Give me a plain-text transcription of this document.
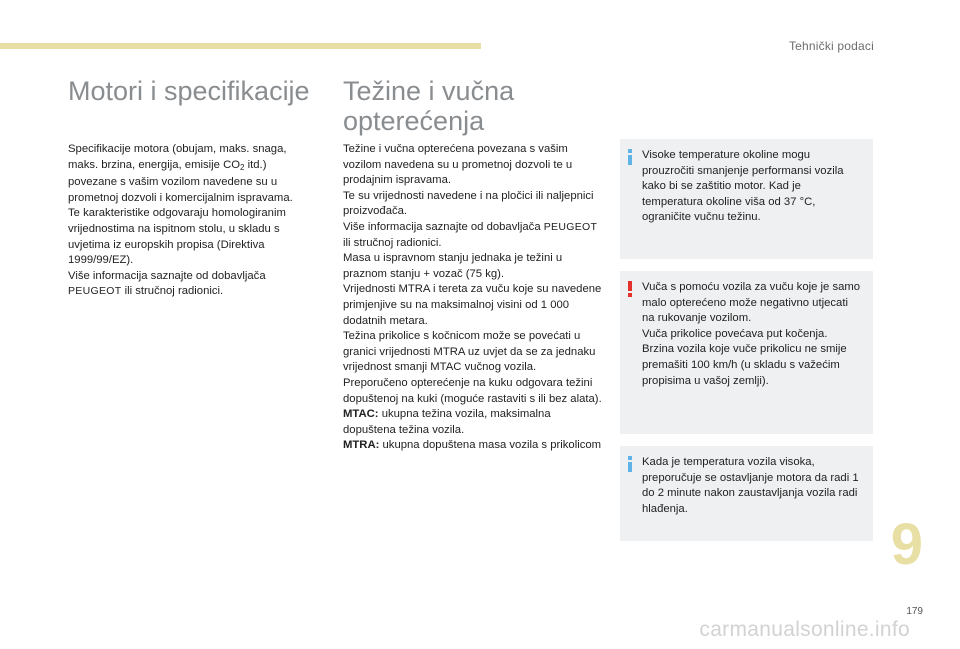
Tehnički podaci
Motori i specifikacije	Težine i vučna opterećenja

Specifikacije motora (obujam, maks. snaga, maks. brzina, energija, emisije $CO_2$ itd.) povezane s vašim vozilom navedene su u prometnoj dozvoli i komercijalnim ispravama.

Te karakteristike odgovaraju homologiranim vrijednostima na ispitnom stolu, u skladu s uvjetima iz europskih propisa (Direktiva 1999/99/EZ).

Više informacija saznajte od dobavljača PEUGEOT ili stručnoj radionici.

Težine i vučna opterećena povezana s vašim vozilom navedena su u prometnoj dozvoli te u prodajnim ispravama.

Te su vrijednosti navedene i na pločici ili naljepnici proizvođača.

Više informacija saznajte od dobavljača PEUGEOT ili stručnoj radionici.

Masa u ispravnom stanju jednaka je težini u praznom stanju + vozač (75 kg).

Vrijednosti MTRA i tereta za vuču koje su navedene primjenjive su na maksimalnoj visini od 1 000 dodatnih metara.

Težina prikolice s kočnicom može se povećati u granici vrijednosti MTRA uz uvjet da se za jednaku vrijednost smanji MTAC vučnog vozila.

Preporučeno opterećenje na kuku odgovara težini dopuštenoj na kuki (moguće rastaviti s ili bez alata).

MTAC: ukupna težina vozila, maksimalna dopuštena težina vozila.

MTRA: ukupna dopuštena masa vozila s prikolicom

Visoke temperature okoline mogu prouzročiti smanjenje performansi vozila kako bi se zaštitio motor. Kad je temperatura okoline viša od 37 °C, ograničite vučnu težinu.

Vuča s pomoću vozila za vuču koje je samo malo opterećeno može negativno utjecati na rukovanje vozilom.

Vuča prikolice povećava put kočenja.

Brzina vozila koje vuče prikolicu ne smije premašiti 100 km/h (u skladu s važećim propisima u vašoj zemlji).

Kada je temperatura vozila visoka, preporučuje se ostavljanje motora da radi 1 do 2 minute nakon zaustavljanja vozila radi hlađenja.

9
179
carmanualsonline.info
